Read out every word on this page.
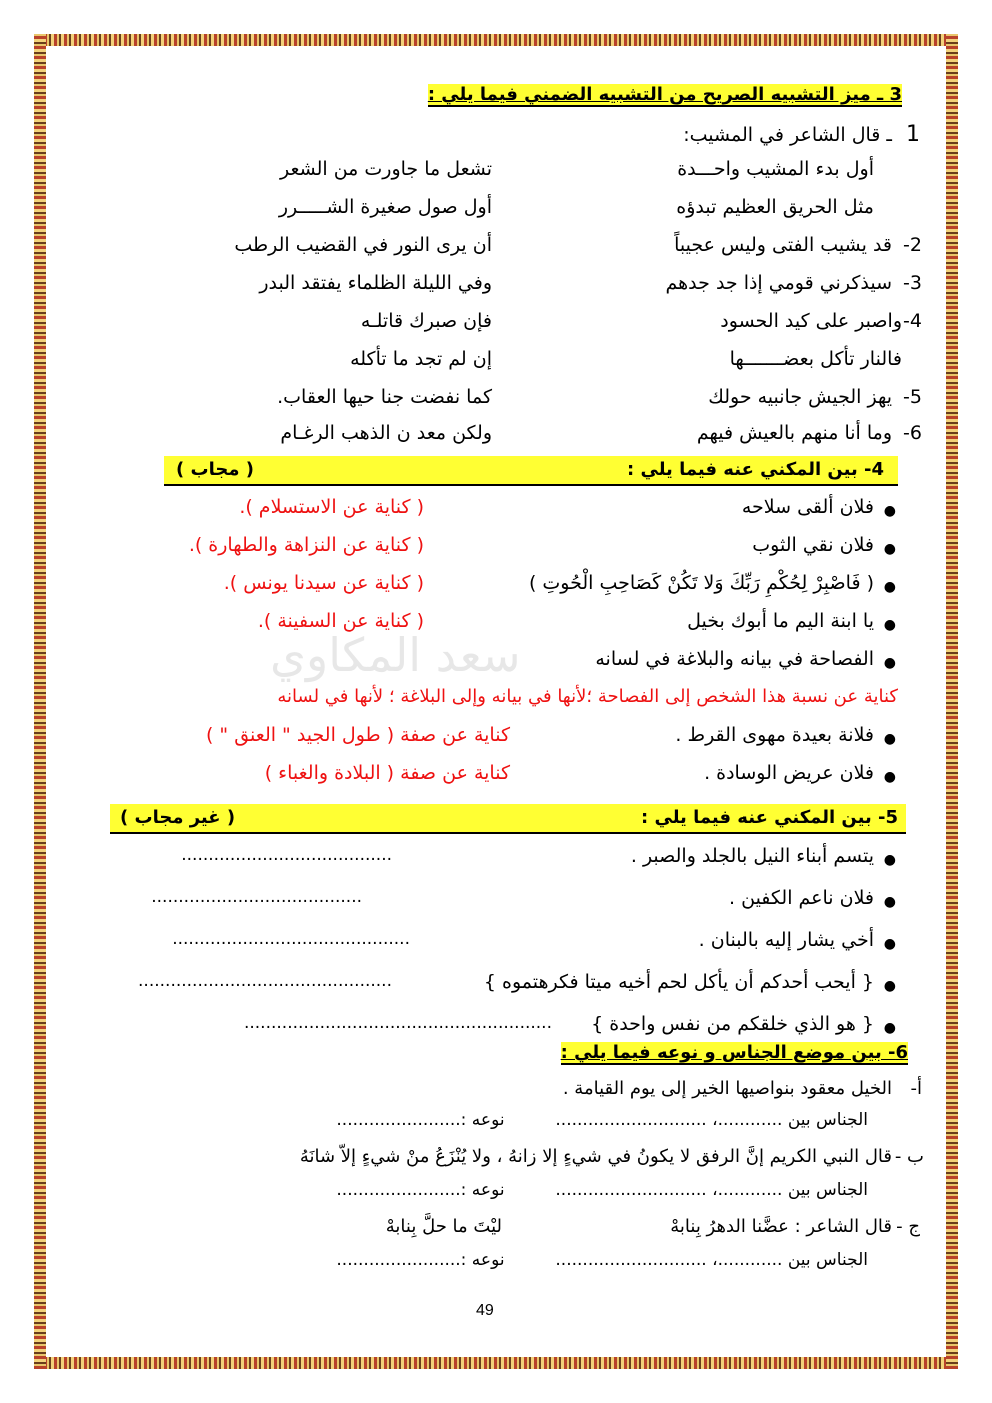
سعد المكاوي
3 ـ ميز التشبيه الصريح من التشبيه الضمني فيما يلي :
1
ـ قال الشاعر في المشيب:
أول بدء المشيب واحـــدة
تشعل ما جاورت من الشعر
مثل الحريق العظيم تبدؤه
أول صول صغيرة الشـــــرر
2-
قد يشيب الفتى وليس عجيباً
أن يرى النور في القضيب الرطب
3-
سيذكرني قومي إذا جد جدهم
وفي الليلة الظلماء يفتقد البدر
4-
واصبر على كيد الحسود
فإن صبرك قاتلـه
فالنار تأكل بعضـــــــها
إن لم تجد ما تأكله
5-
يهز الجيش جانبيه حولك
كما نفضت جنا حيها العقاب.
6-
وما أنا منهم بالعيش فيهم
ولكن معد ن الذهب الرغـام
4- بين المكني عنه فيما يلي :
( مجاب )
●
فلان ألقى سلاحه
( كناية عن الاستسلام ).
●
فلان نقي الثوب
( كناية عن النزاهة والطهارة ).
●
( فَاصْبِرْ لِحُكْمِ رَبِّكَ وَلا تَكُنْ كَصَاحِبِ الْحُوتِ )
( كناية عن سيدنا يونس ).
●
يا ابنة اليم ما أبوك بخيل
( كناية عن السفينة ).
●
الفصاحة في بيانه والبلاغة في لسانه
كناية عن نسبة هذا الشخص إلى الفصاحة ؛لأنها في بيانه وإلى البلاغة ؛ لأنها في لسانه
●
فلانة بعيدة مهوى القرط .
كناية عن صفة ( طول الجيد " العنق " )
●
فلان عريض الوسادة .
كناية عن صفة ( البلادة والغباء )
5- بين المكني عنه فيما يلي :
( غير مجاب )
●
يتسم أبناء النيل بالجلد والصبر .
.......................................
●
فلان ناعم الكفين .
.......................................
●
أخي يشار إليه بالبنان .
............................................
●
{ أيحب أحدكم أن يأكل لحم أخيه ميتا فكرهتموه }
...............................................
●
{ هو الذي خلقكم من نفس واحدة }
.........................................................
6- بين موضع الجناس و نوعه فيما يلي :
أ-
الخيل معقود بنواصيها الخير إلى يوم القيامة .
الجناس بين ............، ............................  نوعه :.......................
ب -
قال النبي الكريم إنَّ الرفق لا يكونُ في شيءٍ إلا زانهُ ، ولا يُنْزَعُ منْ شيءٍ إلاّ شانَهُ
الجناس بين ............، ............................  نوعه :.......................
ج -
قال الشاعر : عضَّنا الدهرُ بِنابهْ
ليْتَ ما حلَّ بِنابهْ
الجناس بين ............، ............................  نوعه :.......................
49
